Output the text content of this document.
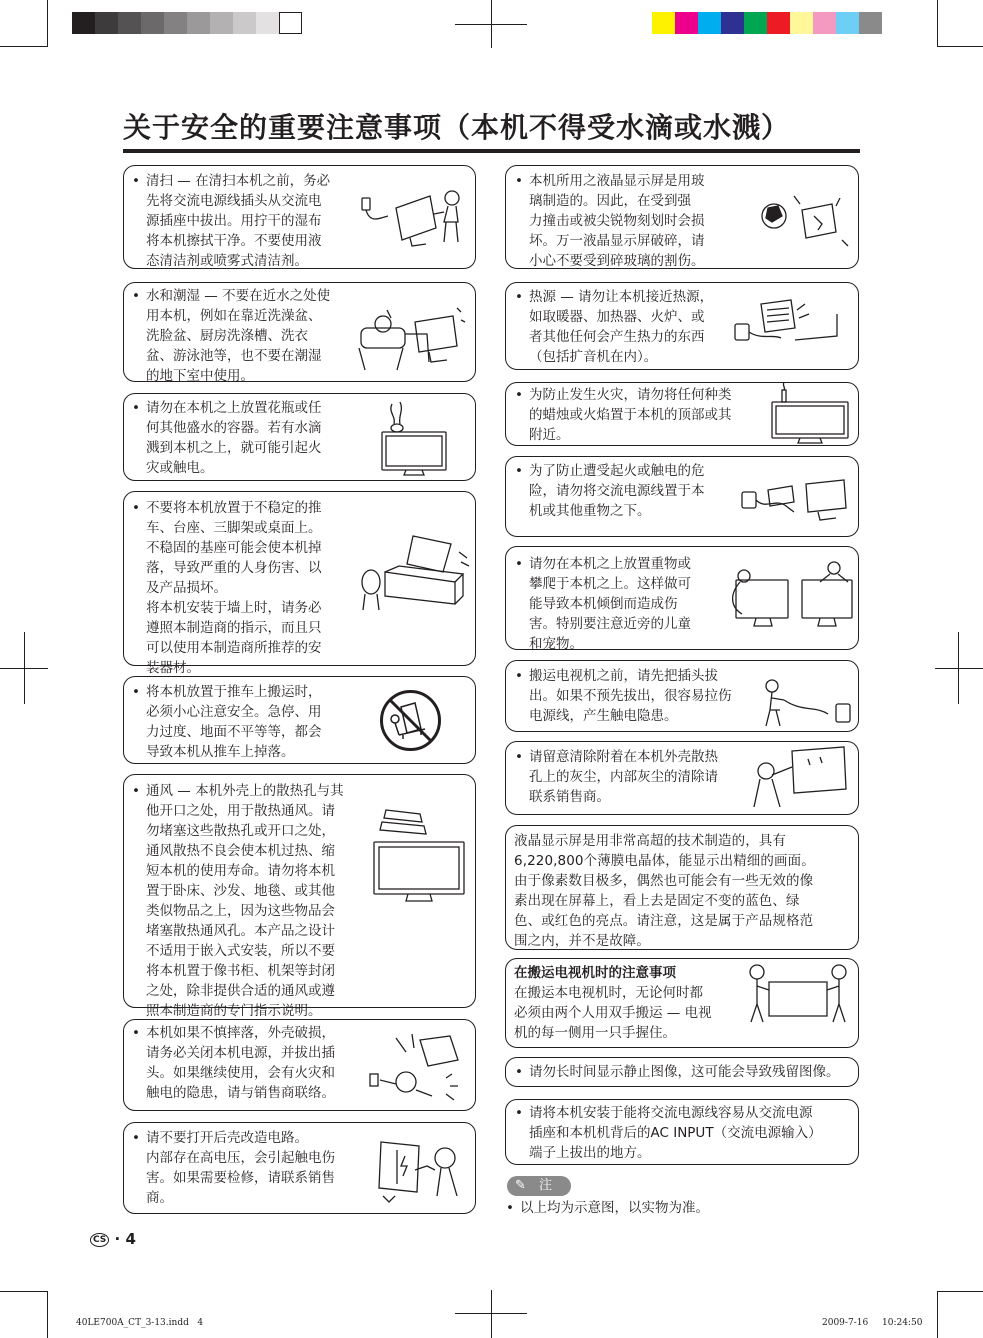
关于安全的重要注意事项（本机不得受水滴或水溅）
• 清扫 — 在清扫本机之前，务必
先将交流电源线插头从交流电
源插座中拔出。用拧干的湿布
将本机擦拭干净。不要使用液
态清洁剂或喷雾式清洁剂。
• 水和潮湿 — 不要在近水之处使
用本机，例如在靠近洗澡盆、
洗脸盆、厨房洗涤槽、洗衣
盆、游泳池等，也不要在潮湿
的地下室中使用。
• 请勿在本机之上放置花瓶或任
何其他盛水的容器。若有水滴
溅到本机之上，就可能引起火
灾或触电。
• 不要将本机放置于不稳定的推
车、台座、三脚架或桌面上。
不稳固的基座可能会使本机掉
落，导致严重的人身伤害、以
及产品损坏。
将本机安装于墙上时，请务必
遵照本制造商的指示，而且只
可以使用本制造商所推荐的安
装器材。
• 将本机放置于推车上搬运时，
必须小心注意安全。急停、用
力过度、地面不平等等，都会
导致本机从推车上掉落。
• 通风 — 本机外壳上的散热孔与其
他开口之处，用于散热通风。请
勿堵塞这些散热孔或开口之处，
通风散热不良会使本机过热、缩
短本机的使用寿命。请勿将本机
置于卧床、沙发、地毯、或其他
类似物品之上，因为这些物品会
堵塞散热通风孔。本产品之设计
不适用于嵌入式安装，所以不要
将本机置于像书柜、机架等封闭
之处，除非提供合适的通风或遵
照本制造商的专门指示说明。
• 本机如果不慎摔落，外壳破损，
请务必关闭本机电源，并拔出插
头。如果继续使用，会有火灾和
触电的隐患，请与销售商联络。
• 请不要打开后壳改造电路。
内部存在高电压，会引起触电伤
害。如果需要检修，请联系销售
商。
• 本机所用之液晶显示屏是用玻
璃制造的。因此，在受到强
力撞击或被尖锐物刻划时会损
坏。万一液晶显示屏破碎，请
小心不要受到碎玻璃的割伤。
• 热源 — 请勿让本机接近热源，
如取暖器、加热器、火炉、或
者其他任何会产生热力的东西
（包括扩音机在内）。
• 为防止发生火灾，请勿将任何种类
的蜡烛或火焰置于本机的顶部或其
附近。
• 为了防止遭受起火或触电的危
险，请勿将交流电源线置于本
机或其他重物之下。
• 请勿在本机之上放置重物或
攀爬于本机之上。这样做可
能导致本机倾倒而造成伤
害。特别要注意近旁的儿童
和宠物。
• 搬运电视机之前，请先把插头拔
出。如果不预先拔出，很容易拉伤
电源线，产生触电隐患。
• 请留意清除附着在本机外壳散热
孔上的灰尘，内部灰尘的清除请
联系销售商。
液晶显示屏是用非常高超的技术制造的，具有
6,220,800个薄膜电晶体，能显示出精细的画面。
由于像素数目极多，偶然也可能会有一些无效的像
素出现在屏幕上，看上去是固定不变的蓝色、绿
色、或红色的亮点。请注意，这是属于产品规格范
围之内，并不是故障。
在搬运电视机时的注意事项
在搬运本电视机时，无论何时都
必须由两个人用双手搬运 — 电视
机的每一侧用一只手握住。
• 请勿长时间显示静止图像，这可能会导致残留图像。
• 请将本机安装于能将交流电源线容易从交流电源
插座和本机机背后的AC INPUT（交流电源输入）
端子上拔出的地方。
✎ 注
• 以上均为示意图，以实物为准。
CS · 4
40LE700A_CT_3-13.indd   4	2009-7-16 10:24:50
